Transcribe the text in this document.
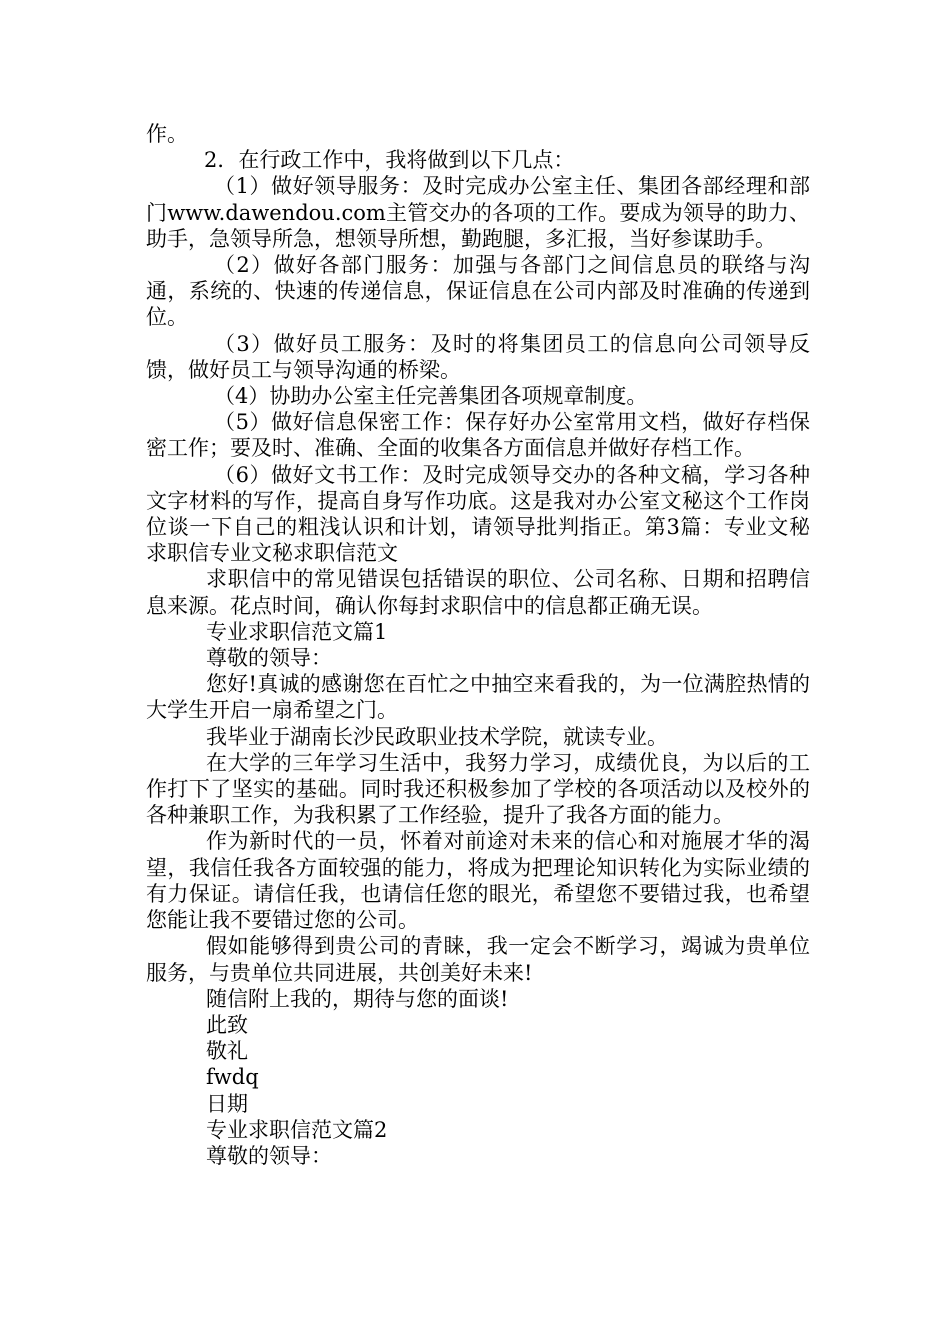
作。

2．在行政工作中，我将做到以下几点：

（1）做好领导服务：及时完成办公室主任、集团各部经理和部门www.dawendou.com主管交办的各项的工作。要成为领导的助力、助手，急领导所急，想领导所想，勤跑腿，多汇报，当好参谋助手。

（2）做好各部门服务：加强与各部门之间信息员的联络与沟通，系统的、快速的传递信息，保证信息在公司内部及时准确的传递到位。

（3）做好员工服务：及时的将集团员工的信息向公司领导反馈，做好员工与领导沟通的桥梁。

（4）协助办公室主任完善集团各项规章制度。

（5）做好信息保密工作：保存好办公室常用文档，做好存档保密工作；要及时、准确、全面的收集各方面信息并做好存档工作。

（6）做好文书工作：及时完成领导交办的各种文稿，学习各种文字材料的写作，提高自身写作功底。这是我对办公室文秘这个工作岗位谈一下自己的粗浅认识和计划，请领导批判指正。第3篇：专业文秘求职信专业文秘求职信范文

求职信中的常见错误包括错误的职位、公司名称、日期和招聘信息来源。花点时间，确认你每封求职信中的信息都正确无误。

专业求职信范文篇1

尊敬的领导：

您好!真诚的感谢您在百忙之中抽空来看我的，为一位满腔热情的大学生开启一扇希望之门。

我毕业于湖南长沙民政职业技术学院，就读专业。

在大学的三年学习生活中，我努力学习，成绩优良，为以后的工作打下了坚实的基础。同时我还积极参加了学校的各项活动以及校外的各种兼职工作，为我积累了工作经验，提升了我各方面的能力。

作为新时代的一员，怀着对前途对未来的信心和对施展才华的渴望，我信任我各方面较强的能力，将成为把理论知识转化为实际业绩的有力保证。请信任我，也请信任您的眼光，希望您不要错过我，也希望您能让我不要错过您的公司。

假如能够得到贵公司的青睐，我一定会不断学习，竭诚为贵单位服务，与贵单位共同进展，共创美好未来!

随信附上我的，期待与您的面谈!

此致

敬礼

fwdq

日期

专业求职信范文篇2

尊敬的领导：
